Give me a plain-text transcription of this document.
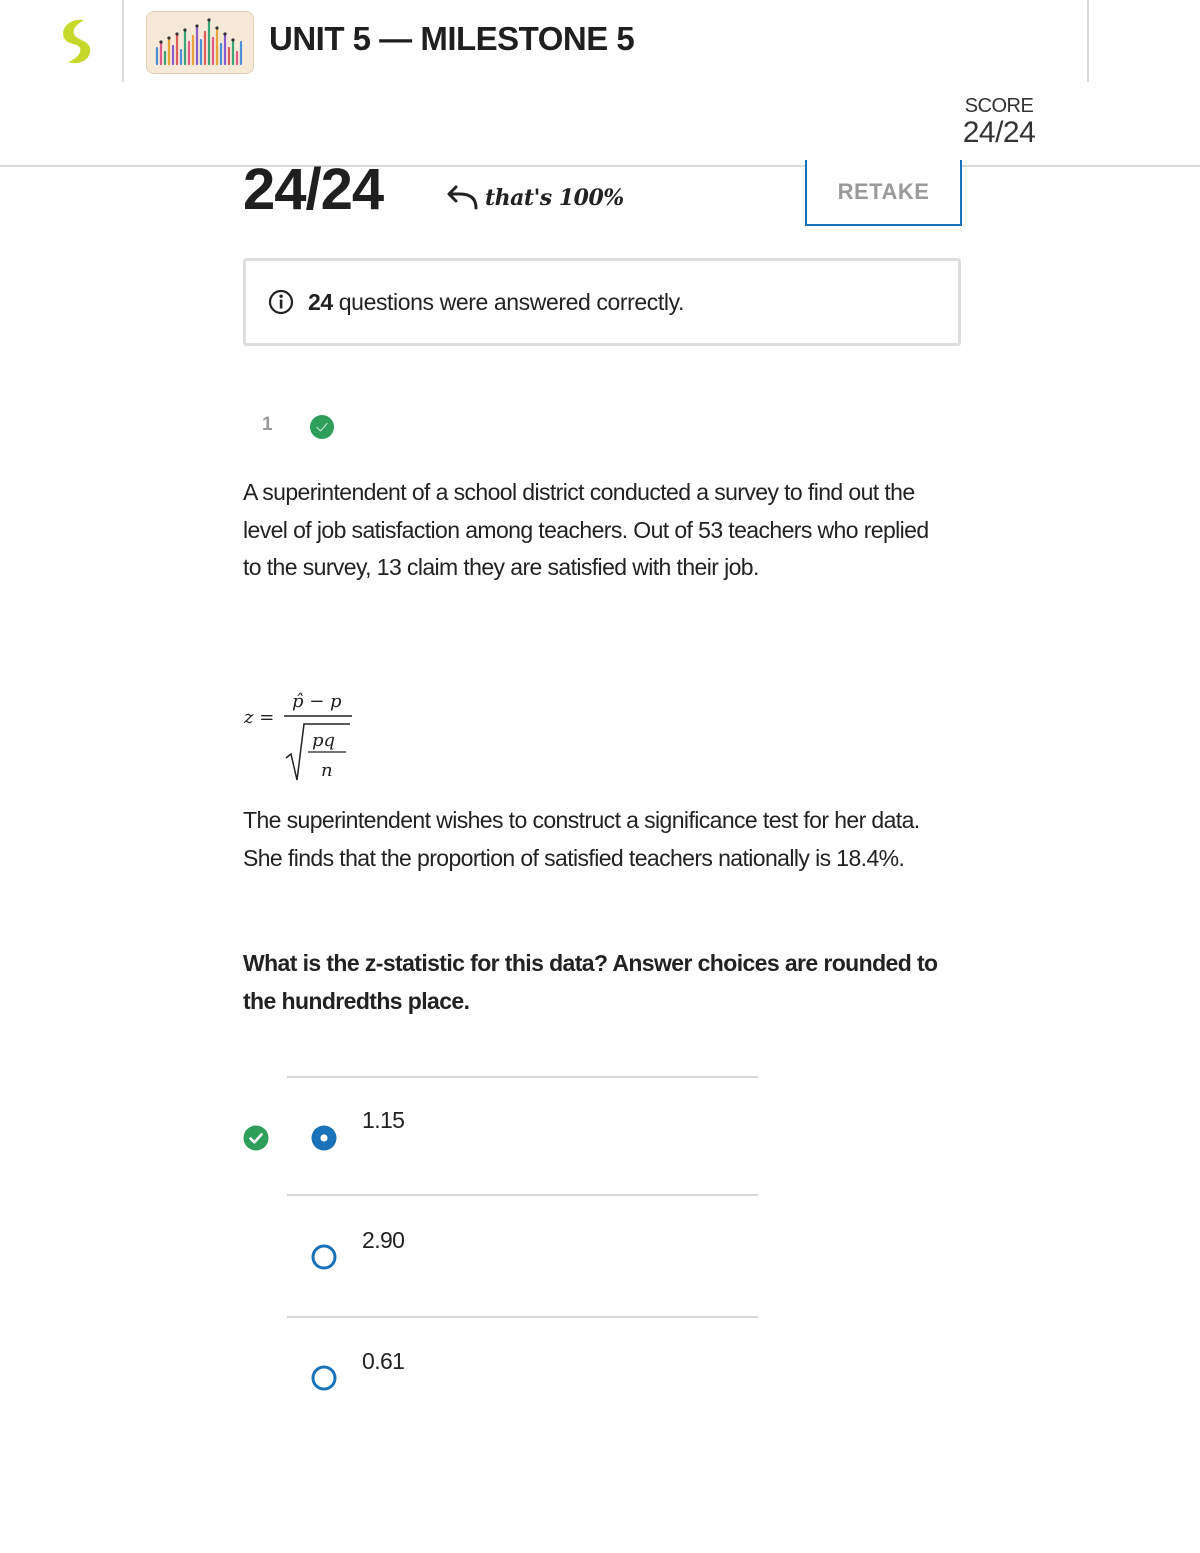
UNIT 5 — MILESTONE 5
SCORE
24/24
24/24	that's 100%	RETAKE
24 questions were answered correctly.
1

A superintendent of a school district conducted a survey to find out the level of job satisfaction among teachers. Out of 53 teachers who replied to the survey, 13 claim they are satisfied with their job.

z =
p̂ − p
pq
n

The superintendent wishes to construct a significance test for her data. She finds that the proportion of satisfied teachers nationally is 18.4%.

What is the z-statistic for this data? Answer choices are rounded to the hundredths place.

1.15
2.90
0.61
